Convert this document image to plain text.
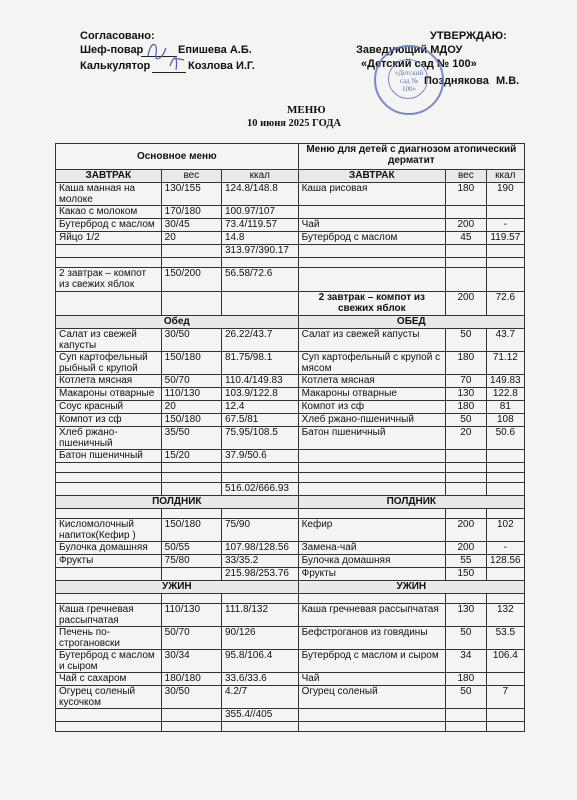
Согласовано:
Шеф-повар	Епишева А.Б.
Калькулятор	Козлова И.Г.
УТВЕРЖДАЮ:
Заведующий МДОУ
«Детский сад № 100»
Позднякова М.В.
«Детский сад № 100»
МЕНЮ
10 июня 2025 ГОДА
Основное меню			Меню для детей с диагнозом атопический дерматит		
ЗАВТРАК	вес	ккал	ЗАВТРАК	вес	ккал
Каша манная на молоке	130/155	124.8/148.8	Каша рисовая	180	190
Какао с молоком	170/180	100.97/107			
Бутерброд с маслом	30/45	73.4/119.57	Чай	200	-
Яйцо 1/2	20	14.8	Бутерброд с маслом	45	119.57
		313.97/390.17			

2 завтрак – компот из свежих яблок	150/200	56.58/72.6			
			2 завтрак – компот из свежих яблок	200	72.6
Обед			ОБЕД		
Салат из свежей капусты	30/50	26.22/43.7	Салат из свежей капусты	50	43.7
Суп картофельный рыбный с крупой	150/180	81.75/98.1	Суп картофельный с крупой с мясом	180	71.12
Котлета мясная	50/70	110.4/149.83	Котлета мясная	70	149.83
Макароны отварные	110/130	103.9/122.8	Макароны отварные	130	122.8
Соус красный	20	12.4	Компот из сф	180	81
Компот из сф	150/180	67.5/81	Хлеб ржано-пшеничный	50	108
Хлеб ржано-пшеничный	35/50	75.95/108.5	Батон пшеничный	20	50.6
Батон пшеничный	15/20	37.9/50.6			

		516.02/666.93			
ПОЛДНИК			ПОЛДНИК		

Кисломолочный напиток(Кефир )	150/180	75/90	Кефир	200	102
Булочка домашняя	50/55	107.98/128.56	Замена-чай	200	-
Фрукты	75/80	33/35.2	Булочка домашняя	55	128.56
		215.98/253.76	Фрукты	150	
УЖИН			УЖИН		

Каша гречневая рассыпчатая	110/130	111.8/132	Каша гречневая рассыпчатая	130	132
Печень по-строгановски	50/70	90/126	Бефстроганов из говядины	50	53.5
Бутерброд с маслом и сыром	30/34	95.8/106.4	Бутерброд с маслом и сыром	34	106.4
Чай с сахаром	180/180	33.6/33.6	Чай	180	
Огурец соленый кусочком	30/50	4.2/7	Огурец соленый	50	7
		355.4//405			
